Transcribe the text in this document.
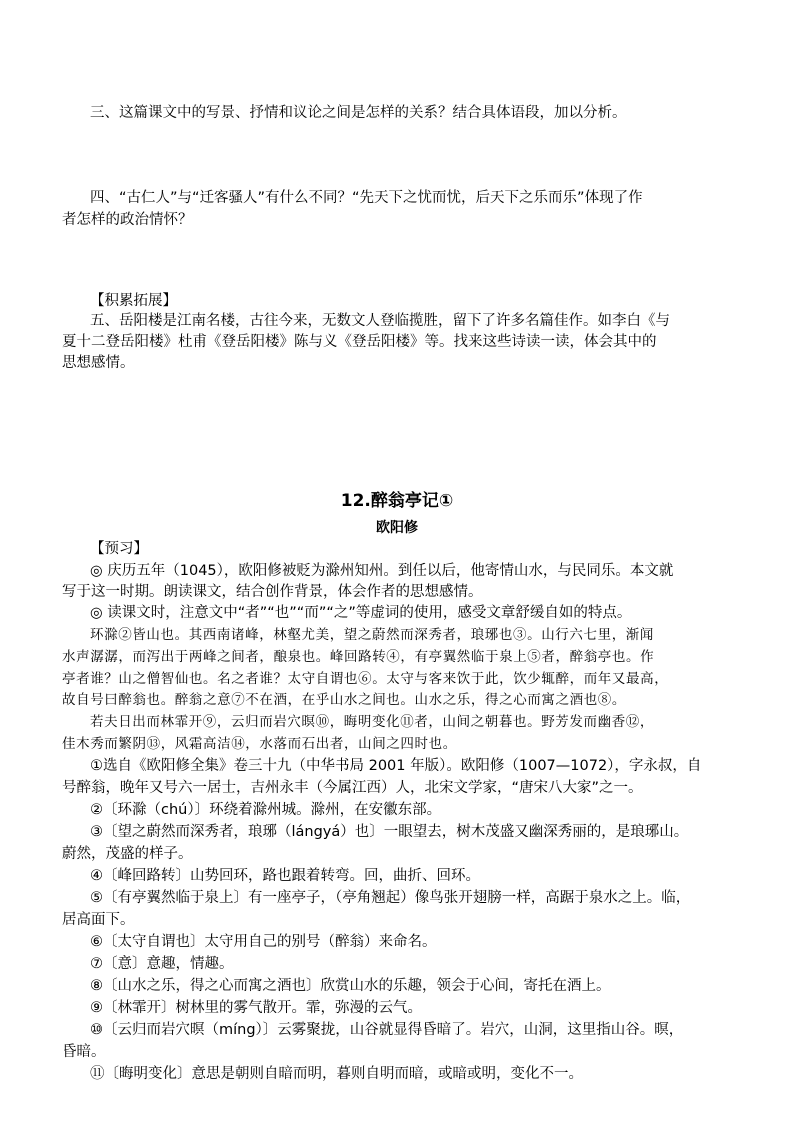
三、这篇课文中的写景、抒情和议论之间是怎样的关系？结合具体语段，加以分析。
四、“古仁人”与“迁客骚人”有什么不同？“先天下之忧而忧，后天下之乐而乐”体现了作
者怎样的政治情怀？
【积累拓展】
五、岳阳楼是江南名楼，古往今来，无数文人登临揽胜，留下了许多名篇佳作。如李白《与
夏十二登岳阳楼》杜甫《登岳阳楼》陈与义《登岳阳楼》等。找来这些诗读一读，体会其中的
思想感情。
12.醉翁亭记①
欧阳修
【预习】
◎ 庆历五年（1045），欧阳修被贬为滁州知州。到任以后，他寄情山水，与民同乐。本文就
写于这一时期。朗读课文，结合创作背景，体会作者的思想感情。
◎ 读课文时，注意文中“者”“也”“而”“之”等虚词的使用，感受文章舒缓自如的特点。
环滁②皆山也。其西南诸峰，林壑尤美，望之蔚然而深秀者，琅琊也③。山行六七里，渐闻
水声潺潺，而泻出于两峰之间者，酿泉也。峰回路转④，有亭翼然临于泉上⑤者，醉翁亭也。作
亭者谁？山之僧智仙也。名之者谁？太守自谓也⑥。太守与客来饮于此，饮少辄醉，而年又最高，
故自号曰醉翁也。醉翁之意⑦不在酒，在乎山水之间也。山水之乐，得之心而寓之酒也⑧。
若夫日出而林霏开⑨，云归而岩穴暝⑩，晦明变化⑪者，山间之朝暮也。野芳发而幽香⑫，
佳木秀而繁阴⑬，风霜高洁⑭，水落而石出者，山间之四时也。
①选自《欧阳修全集》卷三十九（中华书局 2001 年版）。欧阳修（1007—1072），字永叔，自
号醉翁，晚年又号六一居士，吉州永丰（今属江西）人，北宋文学家，“唐宋八大家”之一。
②〔环滁（chú）〕环绕着滁州城。滁州，在安徽东部。
③〔望之蔚然而深秀者，琅琊（lángyá）也〕一眼望去，树木茂盛又幽深秀丽的，是琅琊山。
蔚然，茂盛的样子。
④〔峰回路转〕山势回环，路也跟着转弯。回，曲折、回环。
⑤〔有亭翼然临于泉上〕有一座亭子，（亭角翘起）像鸟张开翅膀一样，高踞于泉水之上。临，
居高面下。
⑥〔太守自谓也〕太守用自己的别号（醉翁）来命名。
⑦〔意〕意趣，情趣。
⑧〔山水之乐，得之心而寓之酒也〕欣赏山水的乐趣，领会于心间，寄托在酒上。
⑨〔林霏开〕树林里的雾气散开。霏，弥漫的云气。
⑩〔云归而岩穴暝（míng）〕云雾聚拢，山谷就显得昏暗了。岩穴，山洞，这里指山谷。暝，
昏暗。
⑪〔晦明变化〕意思是朝则自暗而明，暮则自明而暗，或暗或明，变化不一。
